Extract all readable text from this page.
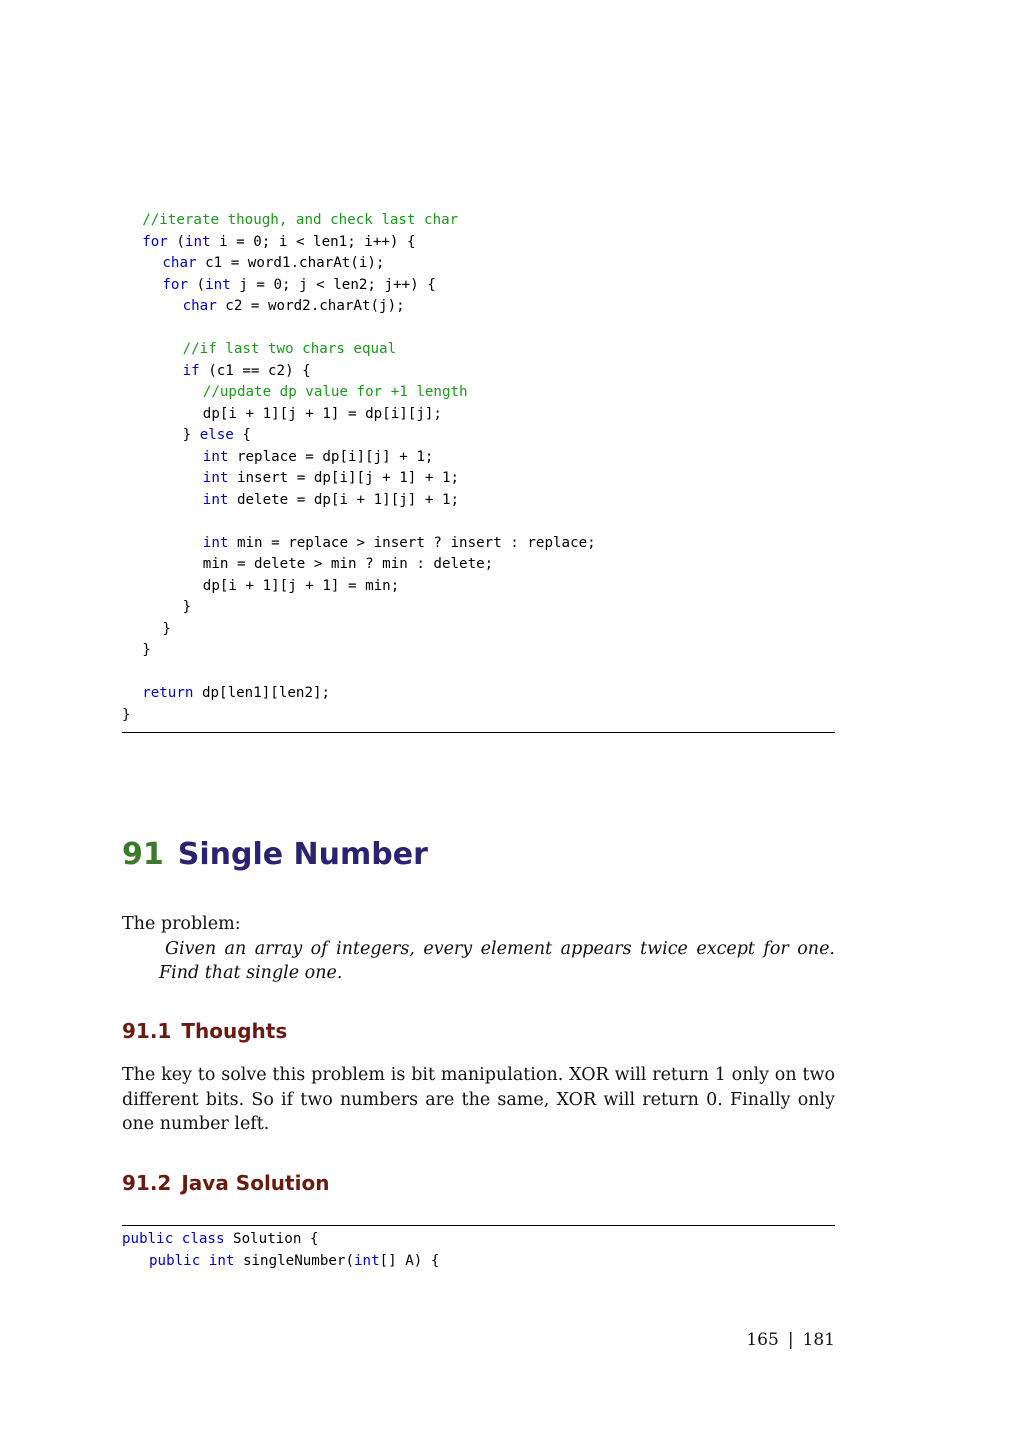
//iterate though, and check last char
for (int i = 0; i < len1; i++) {
char c1 = word1.charAt(i);
for (int j = 0; j < len2; j++) {
char c2 = word2.charAt(j);
//if last two chars equal
if (c1 == c2) {
//update dp value for +1 length
dp[i + 1][j + 1] = dp[i][j];
} else {
int replace = dp[i][j] + 1;
int insert = dp[i][j + 1] + 1;
int delete = dp[i + 1][j] + 1;
int min = replace > insert ? insert : replace;
min = delete > min ? min : delete;
dp[i + 1][j + 1] = min;
}
}
}
return dp[len1][len2];
}
91 Single Number
The problem:
Given an array of integers, every element appears twice except for one. Find that single one.
91.1 Thoughts
The key to solve this problem is bit manipulation. XOR will return 1 only on two different bits. So if two numbers are the same, XOR will return 0. Finally only one number left.
91.2 Java Solution
public class Solution {
public int singleNumber(int[] A) {
165 | 181
